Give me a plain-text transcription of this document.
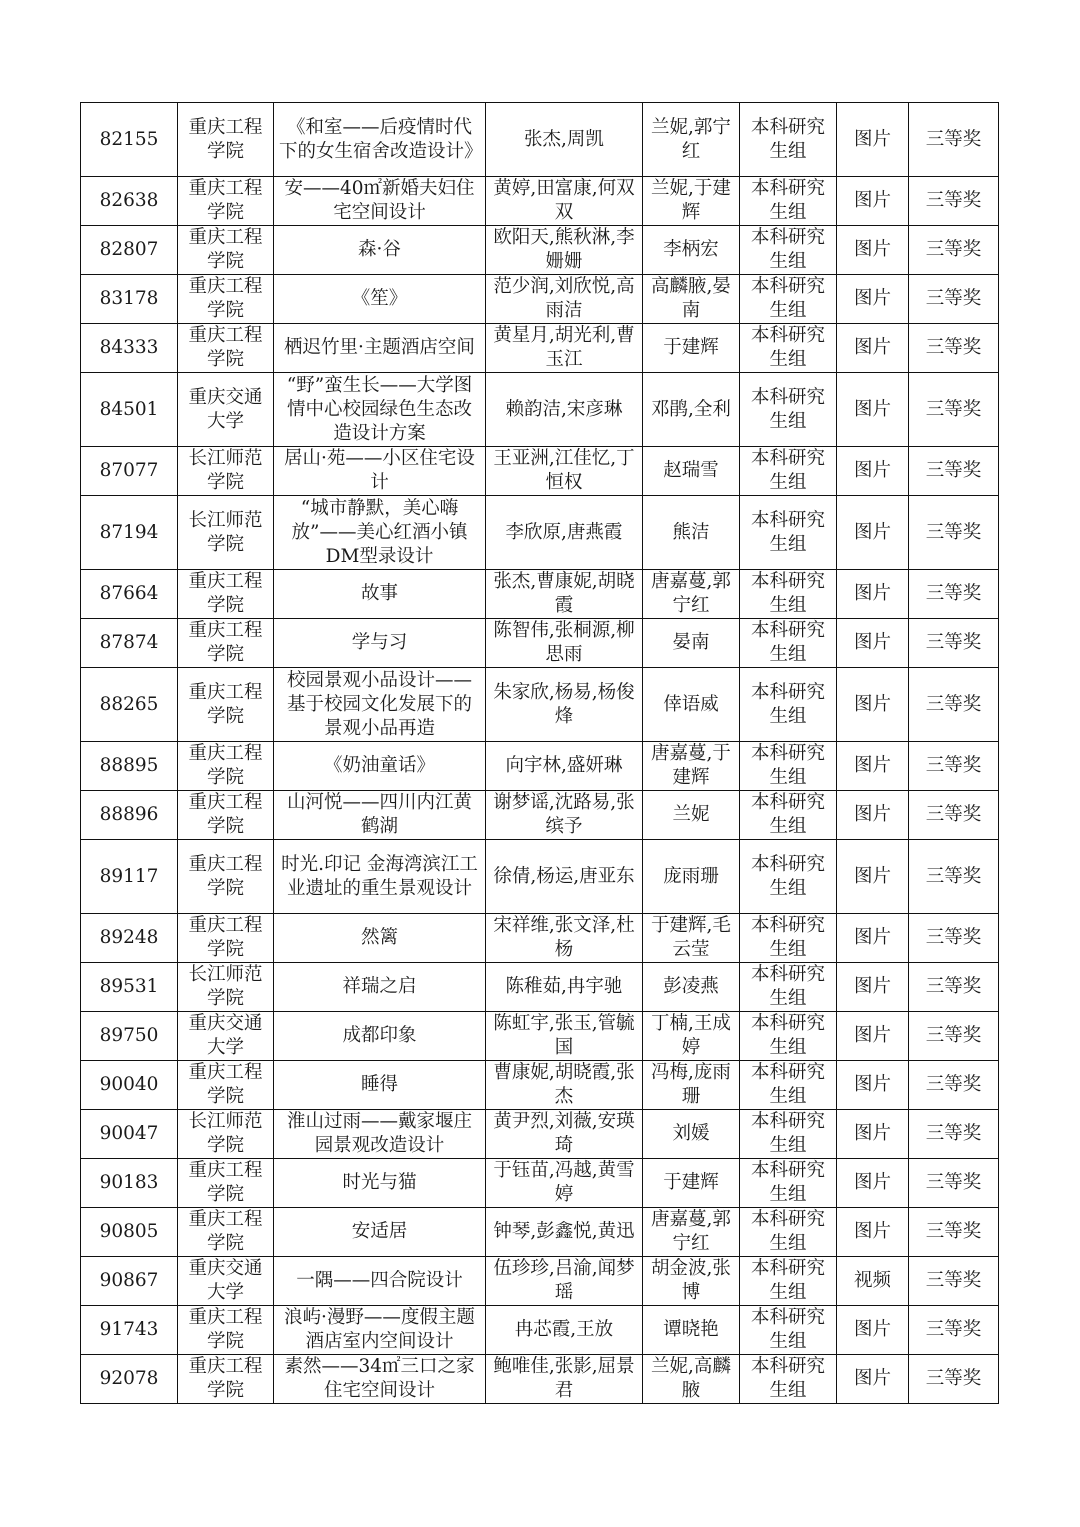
82155	重庆工程学院	《和室——后疫情时代下的女生宿舍改造设计》	张杰,周凯	兰妮,郭宁红	本科研究生组	图片	三等奖
82638	重庆工程学院	安——40㎡新婚夫妇住宅空间设计	黄婷,田富康,何双双	兰妮,于建辉	本科研究生组	图片	三等奖
82807	重庆工程学院	森·谷	欧阳天,熊秋淋,李姗姗	李柄宏	本科研究生组	图片	三等奖
83178	重庆工程学院	《笙》	范少润,刘欣悦,高雨洁	高麟腋,晏南	本科研究生组	图片	三等奖
84333	重庆工程学院	栖迟竹里·主题酒店空间	黄星月,胡光利,曹玉江	于建辉	本科研究生组	图片	三等奖
84501	重庆交通大学	“野”蛮生长——大学图情中心校园绿色生态改造设计方案	赖韵洁,宋彦琳	邓鹃,全利	本科研究生组	图片	三等奖
87077	长江师范学院	居山·苑——小区住宅设计	王亚洲,江佳忆,丁恒权	赵瑞雪	本科研究生组	图片	三等奖
87194	长江师范学院	“城市静默，美心嗨放”——美心红酒小镇DM型录设计	李欣原,唐燕霞	熊洁	本科研究生组	图片	三等奖
87664	重庆工程学院	故事	张杰,曹康妮,胡晓霞	唐嘉蔓,郭宁红	本科研究生组	图片	三等奖
87874	重庆工程学院	学与习	陈智伟,张桐源,柳思雨	晏南	本科研究生组	图片	三等奖
88265	重庆工程学院	校园景观小品设计——基于校园文化发展下的景观小品再造	朱家欣,杨易,杨俊烽	倖语威	本科研究生组	图片	三等奖
88895	重庆工程学院	《奶油童话》	向宇林,盛妍琳	唐嘉蔓,于建辉	本科研究生组	图片	三等奖
88896	重庆工程学院	山河悦——四川内江黄鹤湖	谢梦谣,沈路易,张缤予	兰妮	本科研究生组	图片	三等奖
89117	重庆工程学院	时光.印记 金海湾滨江工业遗址的重生景观设计	徐倩,杨运,唐亚东	庞雨珊	本科研究生组	图片	三等奖
89248	重庆工程学院	然篱	宋祥维,张文泽,杜杨	于建辉,毛云莹	本科研究生组	图片	三等奖
89531	长江师范学院	祥瑞之启	陈稚茹,冉宇驰	彭凌燕	本科研究生组	图片	三等奖
89750	重庆交通大学	成都印象	陈虹宇,张玉,管毓国	丁楠,王成婷	本科研究生组	图片	三等奖
90040	重庆工程学院	睡得	曹康妮,胡晓霞,张杰	冯梅,庞雨珊	本科研究生组	图片	三等奖
90047	长江师范学院	淮山过雨——戴家堰庄园景观改造设计	黄尹烈,刘薇,安瑛琦	刘媛	本科研究生组	图片	三等奖
90183	重庆工程学院	时光与猫	于钰苗,冯越,黄雪婷	于建辉	本科研究生组	图片	三等奖
90805	重庆工程学院	安适居	钟琴,彭鑫悦,黄迅	唐嘉蔓,郭宁红	本科研究生组	图片	三等奖
90867	重庆交通大学	一隅——四合院设计	伍珍珍,吕渝,闻梦瑶	胡金波,张博	本科研究生组	视频	三等奖
91743	重庆工程学院	浪屿·漫野——度假主题酒店室内空间设计	冉芯霞,王放	谭晓艳	本科研究生组	图片	三等奖
92078	重庆工程学院	素然——34㎡三口之家住宅空间设计	鲍唯佳,张影,屈景君	兰妮,高麟腋	本科研究生组	图片	三等奖
